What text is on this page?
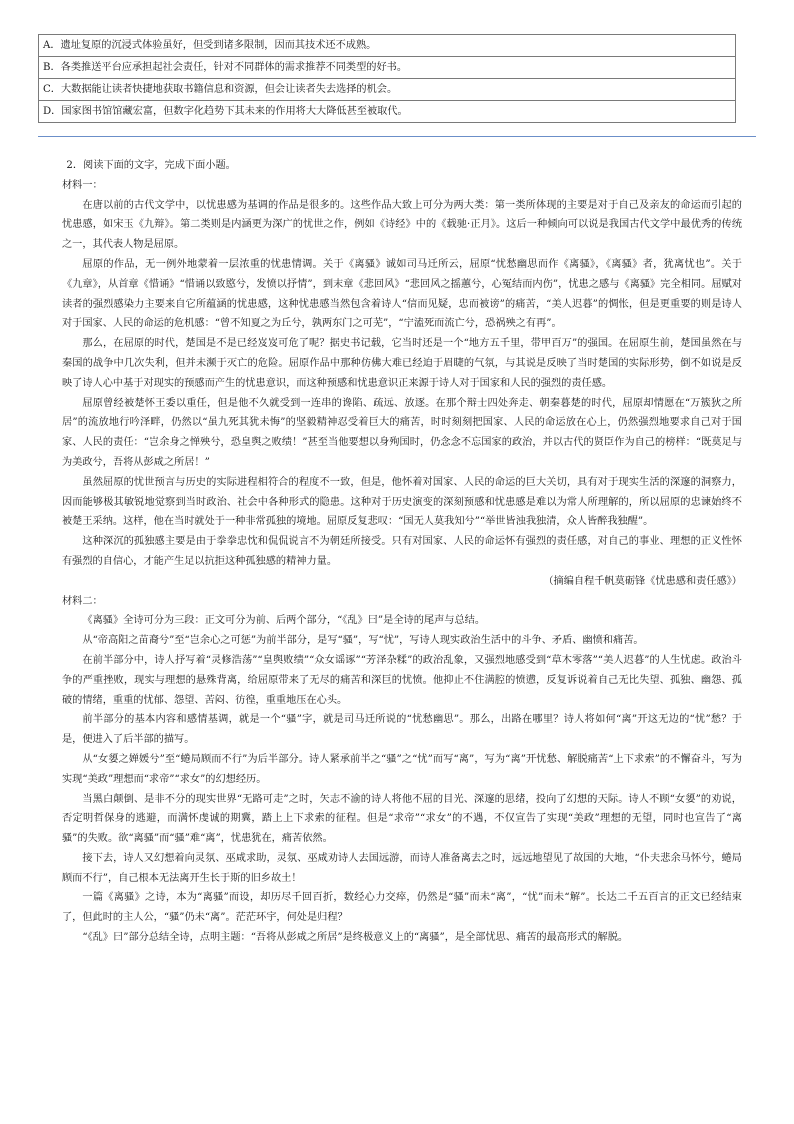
A．遗址复原的沉浸式体验虽好，但受到诸多限制，因而其技术还不成熟。
B．各类推送平台应承担起社会责任，针对不同群体的需求推荐不同类型的好书。
C．大数据能让读者快捷地获取书籍信息和资源，但会让读者失去选择的机会。
D．国家图书馆馆藏宏富，但数字化趋势下其未来的作用将大大降低甚至被取代。

2．阅读下面的文字，完成下面小题。

材料一：

在唐以前的古代文学中，以忧患感为基调的作品是很多的。这些作品大致上可分为两大类：第一类所体现的主要是对于自己及亲友的命运而引起的忧患感，如宋玉《九辩》。第二类则是内涵更为深广的忧世之作，例如《诗经》中的《载驰·正月》。这后一种倾向可以说是我国古代文学中最优秀的传统之一，其代表人物是屈原。

屈原的作品，无一例外地蒙着一层浓重的忧患情调。关于《离骚》诚如司马迁所云，屈原“忧愁幽思而作《离骚》，《离骚》者，犹离忧也”。关于《九章》，从首章《惜诵》“惜诵以致愍兮，发愤以抒情”，到末章《悲回风》“悲回风之摇蕙兮，心冤结而内伤”，忧患之感与《离骚》完全相同。屈赋对读者的强烈感染力主要来自它所蕴涵的忧患感，这种忧患感当然包含着诗人“信而见疑，忠而被谤”的痛苦，“美人迟暮”的惆怅，但是更重要的则是诗人对于国家、人民的命运的危机感：“曾不知夏之为丘兮，孰两东门之可芜”，“宁溘死而流亡兮，恐祸殃之有再”。

那么，在屈原的时代，楚国是不是已经岌岌可危了呢？据史书记载，它当时还是一个“地方五千里，带甲百万”的强国。在屈原生前，楚国虽然在与秦国的战争中几次失利，但并未濒于灭亡的危险。屈原作品中那种仿佛大难已经迫于眉睫的气氛，与其说是反映了当时楚国的实际形势，倒不如说是反映了诗人心中基于对现实的预感而产生的忧患意识，而这种预感和忧患意识正来源于诗人对于国家和人民的强烈的责任感。

屈原曾经被楚怀王委以重任，但是他不久就受到一连串的谗陷、疏远、放逐。在那个辩士四处奔走、朝秦暮楚的时代，屈原却情愿在“万簇狄之所居”的流放地行吟泽畔，仍然以“虽九死其犹未悔”的坚毅精神忍受着巨大的痛苦，时时刻刻把国家、人民的命运放在心上，仍然强烈地要求自己对于国家、人民的责任：“岂余身之惮殃兮，恐皇舆之败绩！”甚至当他要想以身殉国时，仍念念不忘国家的政治，并以古代的贤臣作为自己的榜样：“既莫足与为美政兮，吾将从彭咸之所居！”

虽然屈原的忧世预言与历史的实际进程相符合的程度不一致，但是，他怀着对国家、人民的命运的巨大关切，具有对于现实生活的深邃的洞察力，因而能够极其敏锐地觉察到当时政治、社会中各种形式的隐患。这种对于历史演变的深刻预感和忧患感是难以为常人所理解的，所以屈原的忠谏始终不被楚王采纳。这样，他在当时就处于一种非常孤独的境地。屈原反复悲叹：“国无人莫我知兮”“举世皆浊我独清，众人皆醉我独醒”。

这种深沉的孤独感主要是由于拳拳忠忱和侃侃说言不为朝廷所接受。只有对国家、人民的命运怀有强烈的责任感，对自己的事业、理想的正义性怀有强烈的自信心，才能产生足以抗拒这种孤独感的精神力量。

（摘编自程千帆莫砺锋《忧患感和责任感》）

材料二：

《离骚》全诗可分为三段：正文可分为前、后两个部分，“《乱》曰”是全诗的尾声与总结。

从“帝高阳之苗裔兮”至“岂余心之可惩”为前半部分，是写“骚”，写“忧”，写诗人现实政治生活中的斗争、矛盾、幽愤和痛苦。

在前半部分中，诗人抒写着“灵修浩荡”“皇舆败绩”“众女谣诼”“芳泽杂糅”的政治乱象，又强烈地感受到“草木零落”“美人迟暮”的人生忧虑。政治斗争的严重挫败，现实与理想的悬殊背离，给屈原带来了无尽的痛苦和深巨的忧愤。他抑止不住满腔的愤懑，反复诉说着自己无比失望、孤独、幽怨、孤破的情绪，重重的忧郁、怨望、苦闷、彷徨，重重地压在心头。

前半部分的基本内容和感情基调，就是一个“骚”字，就是司马迁所说的“忧愁幽思”。那么，出路在哪里？诗人将如何“离”开这无边的“忧”愁？于是，便进入了后半部的描写。

从“女嬃之婵媛兮”至“蜷局顾而不行”为后半部分。诗人紧承前半之“骚”之“忧”而写“离”，写为“离”开忧愁、解脱痛苦“上下求索”的不懈奋斗，写为实现“美政”理想而“求帝”“求女”的幻想经历。

当黑白颠倒、是非不分的现实世界“无路可走”之时，矢志不渝的诗人将他不屈的目光、深邃的思绪，投向了幻想的天际。诗人不顾“女嬃”的劝说，否定明哲保身的逃避，而满怀虔诚的期冀，踏上上下求索的征程。但是“求帝”“求女”的不遇，不仅宣告了实现“美政”理想的无望，同时也宣告了“离骚”的失败。欲“离骚”而“骚”难“离”，忧患犹在，痛苦依然。

接下去，诗人又幻想着向灵氛、巫咸求助，灵氛、巫咸劝诗人去国远游，而诗人准备离去之时，远远地望见了故国的大地，“仆夫悲余马怀兮，蜷局顾而不行”，自己根本无法离开生长于斯的旧乡故土！

一篇《离骚》之诗，本为“离骚”而设，却历尽千回百折，数经心力交瘁，仍然是“骚”而未“离”，“忧”而未“解”。长达二千五百言的正文已经结束了，但此时的主人公，“骚”仍未“离”。茫茫环宇，何处是归程？

“《乱》曰”部分总结全诗，点明主题：“吾将从彭咸之所居”是终极意义上的“离骚”，是全部忧思、痛苦的最高形式的解脱。
